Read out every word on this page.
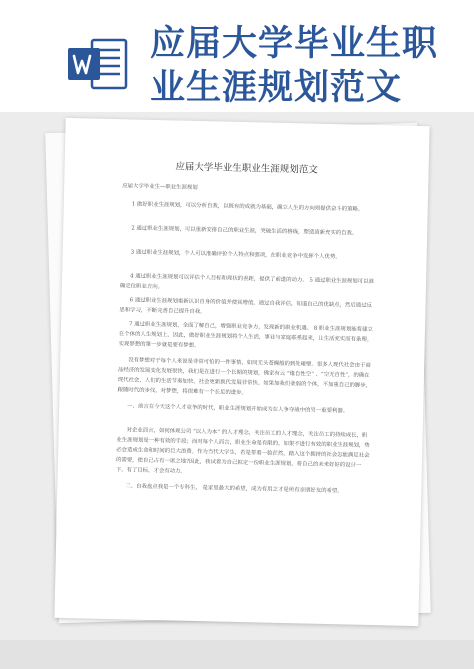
应届大学毕业生职业生涯规划范文
应届大学毕业生职业生涯规划范文
应届大学毕业生—职业生涯规划

1 做好职业生涯规划，可以分析自我，以既有的成就为基础，确立人生的方向则提供奋斗的策略。

2 通过职业生涯规划，可以重新安排自己的职业生涯，突破生活的格线，塑造清新充实的自我。

3 通过职业生涯规划，个人可以准确评价个人特点和强项，在职业竞争中发挥个人优势。

4 通过职业生涯规划可以评估个人目标和现状的差距，提供了前进的动力。 5 通过职业生涯规划可以准确定位职业方向。

6 通过职业生涯规划重新认识自身的价值并使其增值，通过自我评估，知道自己的优缺点，然后通过反思和学习，不断完善自己提升自我。

7 通过职业生涯规划，全面了解自己，增强职业竞争力，发现新的职业机遇。 8 职业生涯规划能将建立在个体的人生规划上，因此，做好职业生涯规划将个人生活，事业与家庭联系起来，让生活充实而有条理。 实现梦想的第一步就是要有梦想。

没有梦想对于每个人来说是非常可怕的一件事情，如同无头苍蝇般的到处碰壁。很多人现代社会由于商品经济的发展变化发展很快，我们是在进行一个长期的规划，佛家有云 “缘自性空” 、“空无自性”，的确在现代社会，人们的生活节奏加快，社会更新换代发展非常快。如果加我们柔弱的个体，不加重自己的脚步，跟随时代的步伐，对梦想，将很难有一个长足的进步。

一、前言在今天这个人才竞争的时代，职业生涯规划开始成为在人争夺战中的另一重要利器。

对企业而言，如何体现公司 “以人为本” 的人才理念，关注员工的人才理念，关注员工的持续成长，职业生涯规划是一种有效的手段；而对每个人而言，职业生命是有限的，如果不进行有效的职业生涯规划，势必会造成生命和时间的巨大浪费。作为当代大学生，若是带着一脸茫然，踏入这个拥挤的社会怎能满足社会的需要，使自己占有一席之地?因此，我试着为自己拟定一份职业生涯规划，将自己的未来好好的设计一下。有了目标，才会有动力。

二、自我盘点我是一个专科生， 是家里最大的希望，成为有用之才是所有亲朋好友的希望。
